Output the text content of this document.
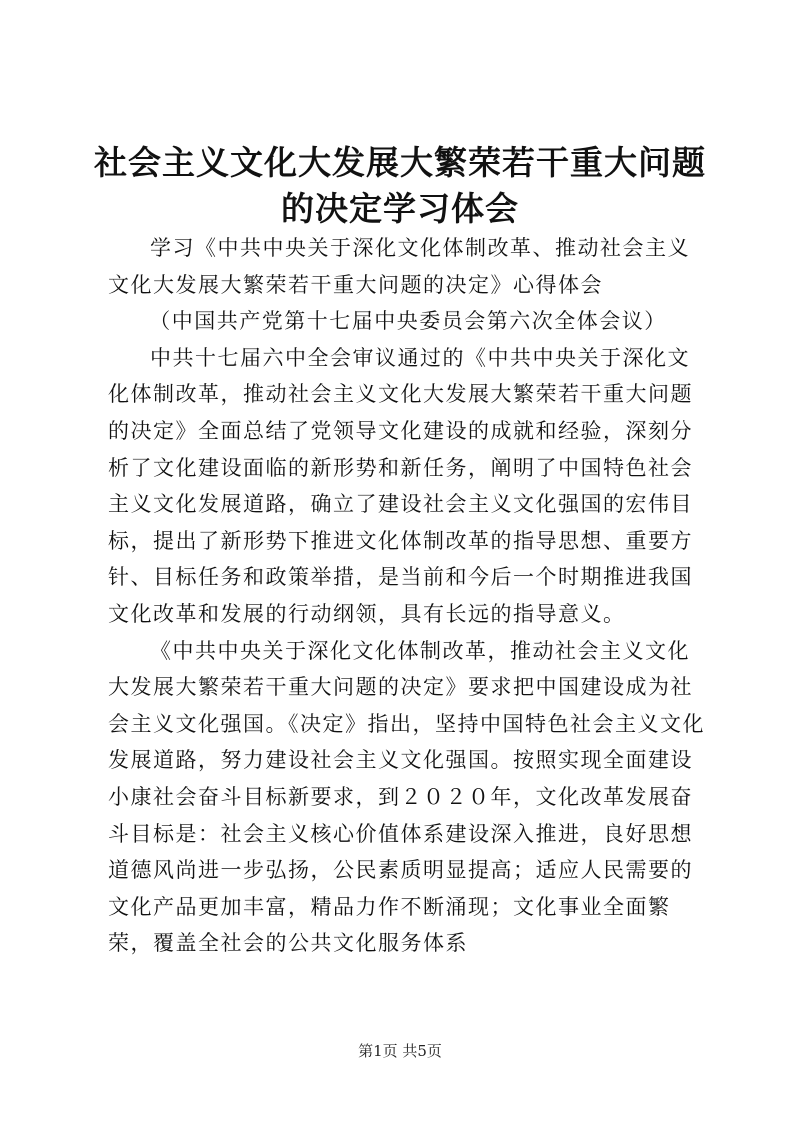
社会主义文化大发展大繁荣若干重大问题的决定学习体会

学习《中共中央关于深化文化体制改革、推动社会主义文化大发展大繁荣若干重大问题的决定》心得体会

（中国共产党第十七届中央委员会第六次全体会议）

中共十七届六中全会审议通过的《中共中央关于深化文化体制改革，推动社会主义文化大发展大繁荣若干重大问题的决定》全面总结了党领导文化建设的成就和经验，深刻分析了文化建设面临的新形势和新任务，阐明了中国特色社会主义文化发展道路，确立了建设社会主义文化强国的宏伟目标，提出了新形势下推进文化体制改革的指导思想、重要方针、目标任务和政策举措，是当前和今后一个时期推进我国文化改革和发展的行动纲领，具有长远的指导意义。

《中共中央关于深化文化体制改革，推动社会主义文化大发展大繁荣若干重大问题的决定》要求把中国建设成为社会主义文化强国。《决定》指出，坚持中国特色社会主义文化发展道路，努力建设社会主义文化强国。按照实现全面建设小康社会奋斗目标新要求，到２０２０年，文化改革发展奋斗目标是：社会主义核心价值体系建设深入推进，良好思想道德风尚进一步弘扬，公民素质明显提高；适应人民需要的文化产品更加丰富，精品力作不断涌现；文化事业全面繁荣，覆盖全社会的公共文化服务体系

第1页 共5页
